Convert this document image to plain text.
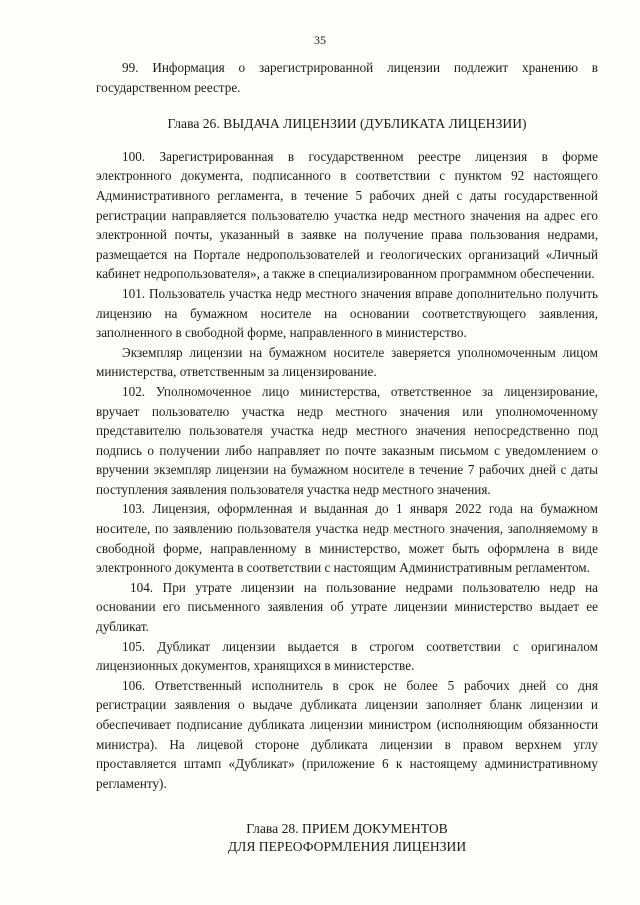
35

99. Информация о зарегистрированной лицензии подлежит хранению в государственном реестре.

Глава 26. ВЫДАЧА ЛИЦЕНЗИИ (ДУБЛИКАТА ЛИЦЕНЗИИ)

100. Зарегистрированная в государственном реестре лицензия в форме электронного документа, подписанного в соответствии с пунктом 92 настоящего Административного регламента, в течение 5 рабочих дней с даты государственной регистрации направляется пользователю участка недр местного значения на адрес его электронной почты, указанный в заявке на получение права пользования недрами, размещается на Портале недропользователей и геологических организаций «Личный кабинет недропользователя», а также в специализированном программном обеспечении.

101. Пользователь участка недр местного значения вправе дополнительно получить лицензию на бумажном носителе на основании соответствующего заявления, заполненного в свободной форме, направленного в министерство.

Экземпляр лицензии на бумажном носителе заверяется уполномоченным лицом министерства, ответственным за лицензирование.

102. Уполномоченное лицо министерства, ответственное за лицензирование, вручает пользователю участка недр местного значения или уполномоченному представителю пользователя участка недр местного значения непосредственно под подпись о получении либо направляет по почте заказным письмом с уведомлением о вручении экземпляр лицензии на бумажном носителе в течение 7 рабочих дней с даты поступления заявления пользователя участка недр местного значения.

103. Лицензия, оформленная и выданная до 1 января 2022 года на бумажном носителе, по заявлению пользователя участка недр местного значения, заполняемому в свободной форме, направленному в министерство, может быть оформлена в виде электронного документа в соответствии с настоящим Административным регламентом.

104. При утрате лицензии на пользование недрами пользователю недр на основании его письменного заявления об утрате лицензии министерство выдает ее дубликат.

105. Дубликат лицензии выдается в строгом соответствии с оригиналом лицензионных документов, хранящихся в министерстве.

106. Ответственный исполнитель в срок не более 5 рабочих дней со дня регистрации заявления о выдаче дубликата лицензии заполняет бланк лицензии и обеспечивает подписание дубликата лицензии министром (исполняющим обязанности министра). На лицевой стороне дубликата лицензии в правом верхнем углу проставляется штамп «Дубликат» (приложение 6 к настоящему административному регламенту).

Глава 28. ПРИЕМ ДОКУМЕНТОВ

ДЛЯ ПЕРЕОФОРМЛЕНИЯ ЛИЦЕНЗИИ
